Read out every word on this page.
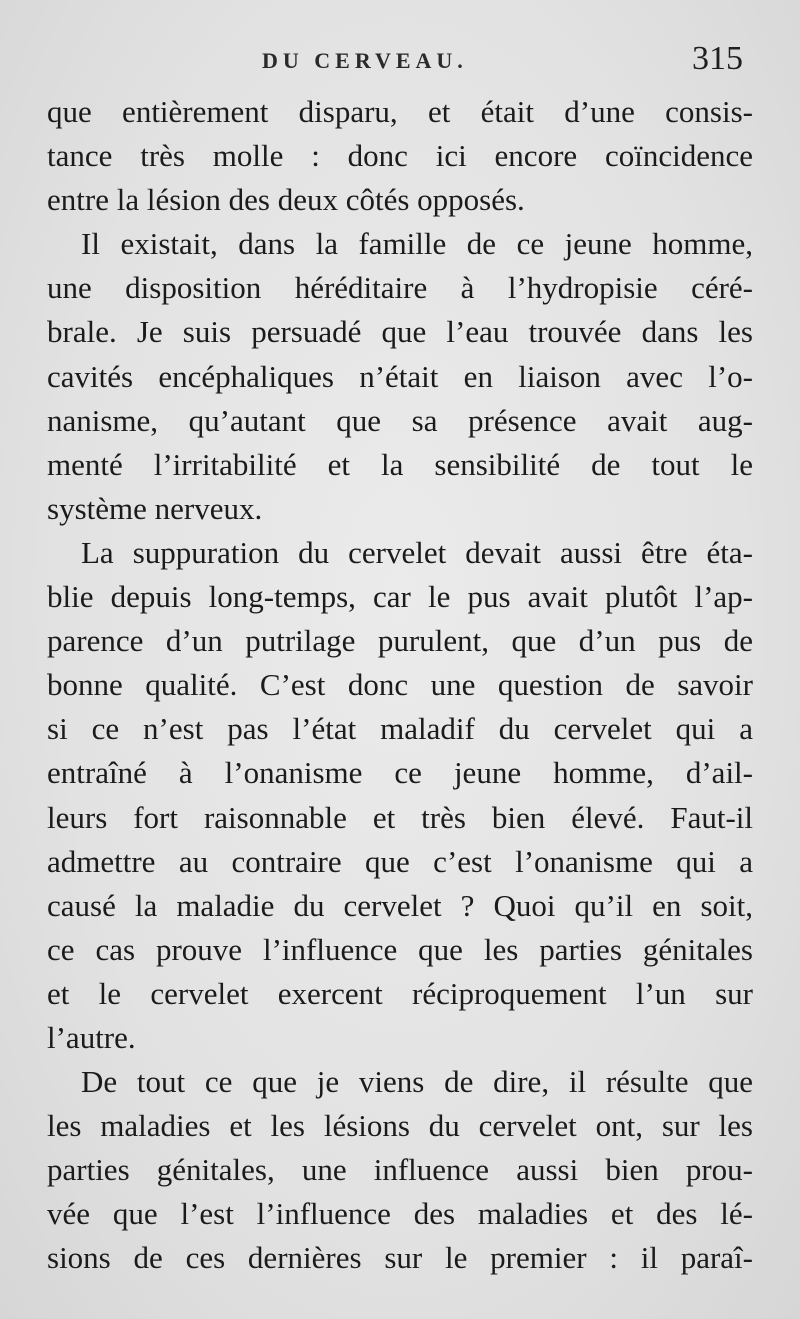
DU CERVEAU.	315
que entièrement disparu, et était d’une consis-
tance très molle : donc ici encore coïncidence
entre la lésion des deux côtés opposés.
Il existait, dans la famille de ce jeune homme,
une disposition héréditaire à l’hydropisie céré-
brale. Je suis persuadé que l’eau trouvée dans les
cavités encéphaliques n’était en liaison avec l’o-
nanisme, qu’autant que sa présence avait aug-
menté l’irritabilité et la sensibilité de tout le
système nerveux.
La suppuration du cervelet devait aussi être éta-
blie depuis long-temps, car le pus avait plutôt l’ap-
parence d’un putrilage purulent, que d’un pus de
bonne qualité. C’est donc une question de savoir
si ce n’est pas l’état maladif du cervelet qui a
entraîné à l’onanisme ce jeune homme, d’ail-
leurs fort raisonnable et très bien élevé. Faut-il
admettre au contraire que c’est l’onanisme qui a
causé la maladie du cervelet ? Quoi qu’il en soit,
ce cas prouve l’influence que les parties génitales
et le cervelet exercent réciproquement l’un sur
l’autre.
De tout ce que je viens de dire, il résulte que
les maladies et les lésions du cervelet ont, sur les
parties génitales, une influence aussi bien prou-
vée que l’est l’influence des maladies et des lé-
sions de ces dernières sur le premier : il paraî-
